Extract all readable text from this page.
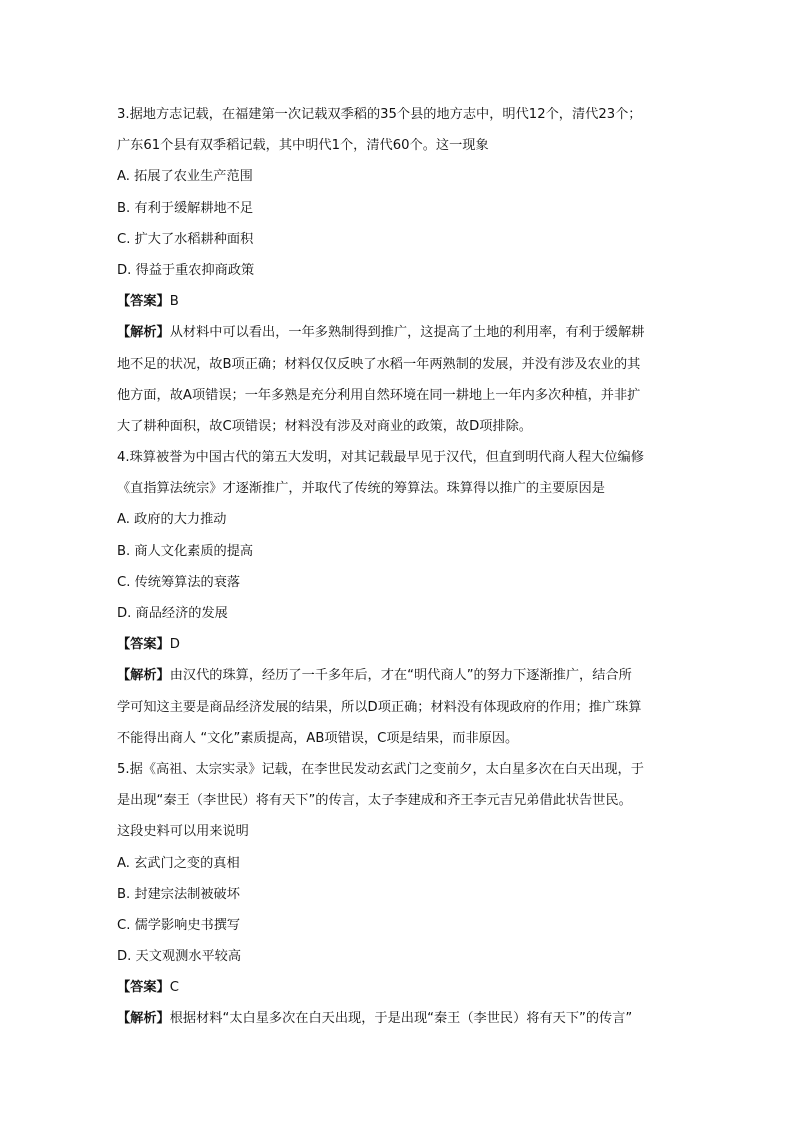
3.据地方志记载，在福建第一次记载双季稻的35个县的地方志中，明代12个，清代23个；
广东61个县有双季稻记载，其中明代1个，清代60个。这一现象
A. 拓展了农业生产范围
B. 有利于缓解耕地不足
C. 扩大了水稻耕种面积
D. 得益于重农抑商政策
【答案】B
【解析】从材料中可以看出，一年多熟制得到推广，这提高了土地的利用率，有利于缓解耕
地不足的状况，故B项正确；材料仅仅反映了水稻一年两熟制的发展，并没有涉及农业的其
他方面，故A项错误；一年多熟是充分利用自然环境在同一耕地上一年内多次种植，并非扩
大了耕种面积，故C项错误；材料没有涉及对商业的政策，故D项排除。
4.珠算被誉为中国古代的第五大发明，对其记载最早见于汉代，但直到明代商人程大位编修
《直指算法统宗》才逐渐推广，并取代了传统的筹算法。珠算得以推广的主要原因是
A. 政府的大力推动
B. 商人文化素质的提高
C. 传统筹算法的衰落
D. 商品经济的发展
【答案】D
【解析】由汉代的珠算，经历了一千多年后，才在“明代商人”的努力下逐渐推广，结合所
学可知这主要是商品经济发展的结果，所以D项正确；材料没有体现政府的作用；推广珠算
不能得出商人 “文化”素质提高，AB项错误，C项是结果，而非原因。
5.据《高祖、太宗实录》记载，在李世民发动玄武门之变前夕，太白星多次在白天出现，于
是出现“秦王（李世民）将有天下”的传言，太子李建成和齐王李元吉兄弟借此状告世民。
这段史料可以用来说明
A. 玄武门之变的真相
B. 封建宗法制被破坏
C. 儒学影响史书撰写
D. 天文观测水平较高
【答案】C
【解析】根据材料“太白星多次在白天出现，于是出现“秦王（李世民）将有天下”的传言”
